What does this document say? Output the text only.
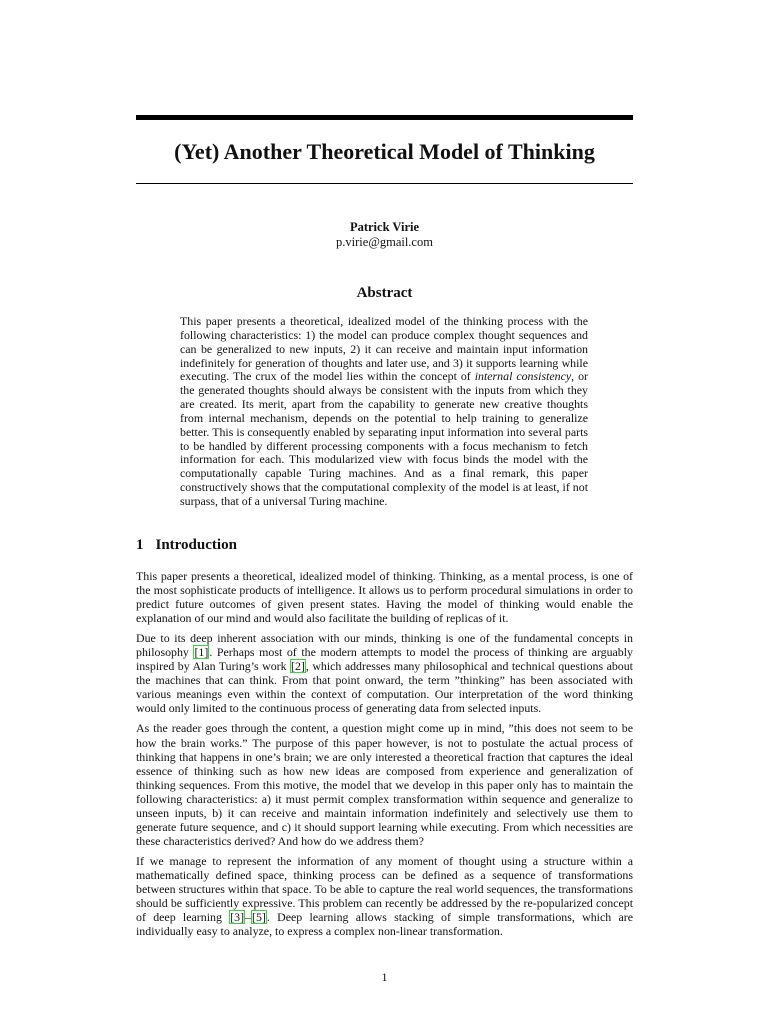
(Yet) Another Theoretical Model of Thinking
Patrick Virie
p.virie@gmail.com
Abstract

This paper presents a theoretical, idealized model of the thinking process with the following characteristics: 1) the model can produce complex thought sequences and can be generalized to new inputs, 2) it can receive and maintain input information indefinitely for generation of thoughts and later use, and 3) it supports learning while executing. The crux of the model lies within the concept of internal consistency, or the generated thoughts should always be consistent with the inputs from which they are created. Its merit, apart from the capability to generate new creative thoughts from internal mechanism, depends on the potential to help training to generalize better. This is consequently enabled by separating input information into several parts to be handled by different processing components with a focus mechanism to fetch information for each. This modularized view with focus binds the model with the computationally capable Turing machines. And as a final remark, this paper constructively shows that the computational complexity of the model is at least, if not surpass, that of a universal Turing machine.

1 Introduction

This paper presents a theoretical, idealized model of thinking. Thinking, as a mental process, is one of the most sophisticate products of intelligence. It allows us to perform procedural simulations in order to predict future outcomes of given present states. Having the model of thinking would enable the explanation of our mind and would also facilitate the building of replicas of it.

Due to its deep inherent association with our minds, thinking is one of the fundamental concepts in philosophy [1]. Perhaps most of the modern attempts to model the process of thinking are arguably inspired by Alan Turing’s work [2], which addresses many philosophical and technical questions about the machines that can think. From that point onward, the term ”thinking” has been associated with various meanings even within the context of computation. Our interpretation of the word thinking would only limited to the continuous process of generating data from selected inputs.

As the reader goes through the content, a question might come up in mind, ”this does not seem to be how the brain works.” The purpose of this paper however, is not to postulate the actual process of thinking that happens in one’s brain; we are only interested a theoretical fraction that captures the ideal essence of thinking such as how new ideas are composed from experience and generalization of thinking sequences. From this motive, the model that we develop in this paper only has to maintain the following characteristics: a) it must permit complex transformation within sequence and generalize to unseen inputs, b) it can receive and maintain information indefinitely and selectively use them to generate future sequence, and c) it should support learning while executing. From which necessities are these characteristics derived? And how do we address them?

If we manage to represent the information of any moment of thought using a structure within a mathematically defined space, thinking process can be defined as a sequence of transformations between structures within that space. To be able to capture the real world sequences, the transformations should be sufficiently expressive. This problem can recently be addressed by the re-popularized concept of deep learning [3]–[5]. Deep learning allows stacking of simple transformations, which are individually easy to analyze, to express a complex non-linear transformation.

1
